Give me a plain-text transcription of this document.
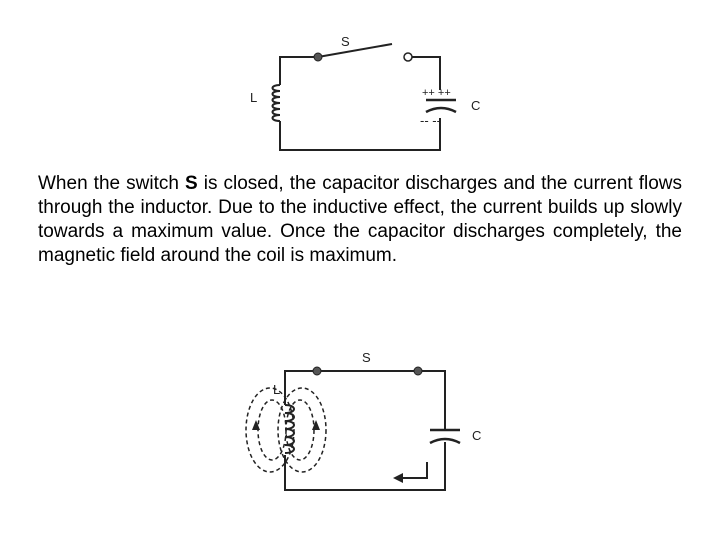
S
L
C
++ ++
-- --

When the switch S is closed, the capacitor discharges and the current flows through the inductor. Due to the inductive effect, the current builds up slowly towards a maximum value. Once the capacitor discharges completely, the magnetic field around the coil is maximum.

S
L
C
